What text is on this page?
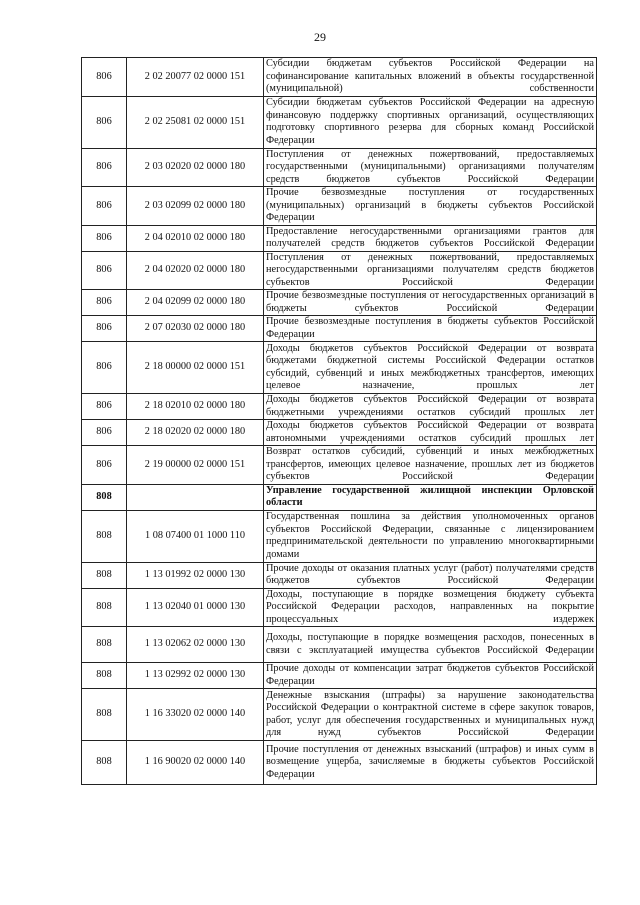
29
806	2 02 20077 02 0000 151	Субсидии бюджетам субъектов Российской Федерации на софинансирование капитальных вложений в объекты государственной (муниципальной) собственности
806	2 02 25081 02 0000 151	Субсидии бюджетам субъектов Российской Федерации на адресную финансовую поддержку спортивных организаций, осуществляющих подготовку спортивного резерва для сборных команд Российской Федерации
806	2 03 02020 02 0000 180	Поступления от денежных пожертвований, предоставляемых государственными (муниципальными) организациями получателям средств бюджетов субъектов Российской Федерации
806	2 03 02099 02 0000 180	Прочие безвозмездные поступления от государственных (муниципальных) организаций в бюджеты субъектов Российской Федерации
806	2 04 02010 02 0000 180	Предоставление негосударственными организациями грантов для получателей средств бюджетов субъектов Российской Федерации
806	2 04 02020 02 0000 180	Поступления от денежных пожертвований, предоставляемых негосударственными организациями получателям средств бюджетов субъектов Российской Федерации
806	2 04 02099 02 0000 180	Прочие безвозмездные поступления от негосударственных организаций в бюджеты субъектов Российской Федерации
806	2 07 02030 02 0000 180	Прочие безвозмездные поступления в бюджеты субъектов Российской Федерации
806	2 18 00000 02 0000 151	Доходы бюджетов субъектов Российской Федерации от возврата бюджетами бюджетной системы Российской Федерации остатков субсидий, субвенций и иных межбюджетных трансфертов, имеющих целевое назначение, прошлых лет
806	2 18 02010 02 0000 180	Доходы бюджетов субъектов Российской Федерации от возврата бюджетными учреждениями остатков субсидий прошлых лет
806	2 18 02020 02 0000 180	Доходы бюджетов субъектов Российской Федерации от возврата автономными учреждениями остатков субсидий прошлых лет
806	2 19 00000 02 0000 151	Возврат остатков субсидий, субвенций и иных межбюджетных трансфертов, имеющих целевое назначение, прошлых лет из бюджетов субъектов Российской Федерации
808		Управление государственной жилищной инспекции Орловской области
808	1 08 07400 01 1000 110	Государственная пошлина за действия уполномоченных органов субъектов Российской Федерации, связанные с лицензированием предпринимательской деятельности по управлению многоквартирными домами
808	1 13 01992 02 0000 130	Прочие доходы от оказания платных услуг (работ) получателями средств бюджетов субъектов Российской Федерации
808	1 13 02040 01 0000 130	Доходы, поступающие в порядке возмещения бюджету субъекта Российской Федерации расходов, направленных на покрытие процессуальных издержек
808	1 13 02062 02 0000 130	Доходы, поступающие в порядке возмещения расходов, понесенных в связи с эксплуатацией имущества субъектов Российской Федерации
808	1 13 02992 02 0000 130	Прочие доходы от компенсации затрат бюджетов субъектов Российской Федерации
808	1 16 33020 02 0000 140	Денежные взыскания (штрафы) за нарушение законодательства Российской Федерации о контрактной системе в сфере закупок товаров, работ, услуг для обеспечения государственных и муниципальных нужд для нужд субъектов Российской Федерации
808	1 16 90020 02 0000 140	Прочие поступления от денежных взысканий (штрафов) и иных сумм в возмещение ущерба, зачисляемые в бюджеты субъектов Российской Федерации
